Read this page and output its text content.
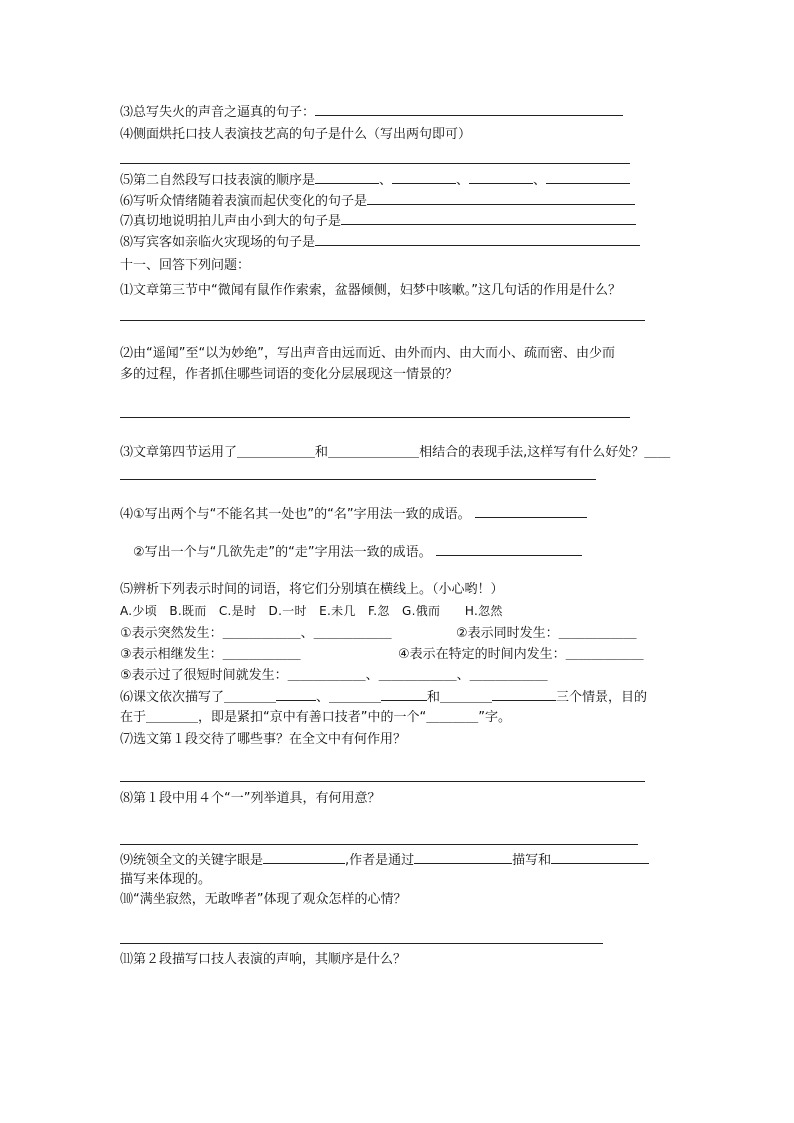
⑶总写失火的声音之逼真的句子：
⑷侧面烘托口技人表演技艺高的句子是什么（写出两句即可）
⑸第二自然段写口技表演的顺序是	、	、	、
⑹写听众情绪随着表演而起伏变化的句子是
⑺真切地说明拍儿声由小到大的句子是
⑻写宾客如亲临火灾现场的句子是
十一、回答下列问题：
⑴文章第三节中“微闻有鼠作作索索，盆器倾侧，妇梦中咳嗽。”这几句话的作用是什么？
⑵由“遥闻”至“以为妙绝”，写出声音由远而近、由外而内、由大而小、疏而密、由少而
多的过程，作者抓住哪些词语的变化分层展现这一情景的？
⑶文章第四节运用了＿＿＿＿＿＿和＿＿＿＿＿＿＿相结合的表现手法,这样写有什么好处？＿＿
⑷①写出两个与“不能名其一处也”的“名”字用法一致的成语。
②写出一个与“几欲先走”的“走”字用法一致的成语。
⑸辨析下列表示时间的词语，将它们分别填在横线上。（小心哟！）
A.少顷　B.既而　C.是时　D.一时　E.未几　F.忽　G.俄而　　H.忽然
①表示突然发生：＿＿＿＿＿＿、＿＿＿＿＿＿	②表示同时发生：＿＿＿＿＿＿
③表示相继发生：＿＿＿＿＿＿	④表示在特定的时间内发生：＿＿＿＿＿＿
⑤表示过了很短时间就发生：＿＿＿＿＿＿、＿＿＿＿＿＿、＿＿＿＿＿＿
⑹课文依次描写了＿＿＿＿	、＿＿＿＿	和＿＿＿＿	三个情景，目的
在于＿＿＿＿，即是紧扣“京中有善口技者”中的一个“＿＿＿＿”字。
⑺选文第１段交待了哪些事？在全文中有何作用？
⑻第１段中用４个“一”列举道具，有何用意？
⑼统领全文的关键字眼是	,作者是通过	描写和
描写来体现的。
⑽“满坐寂然，无敢哗者”体现了观众怎样的心情？
⑾第２段描写口技人表演的声响，其顺序是什么？
